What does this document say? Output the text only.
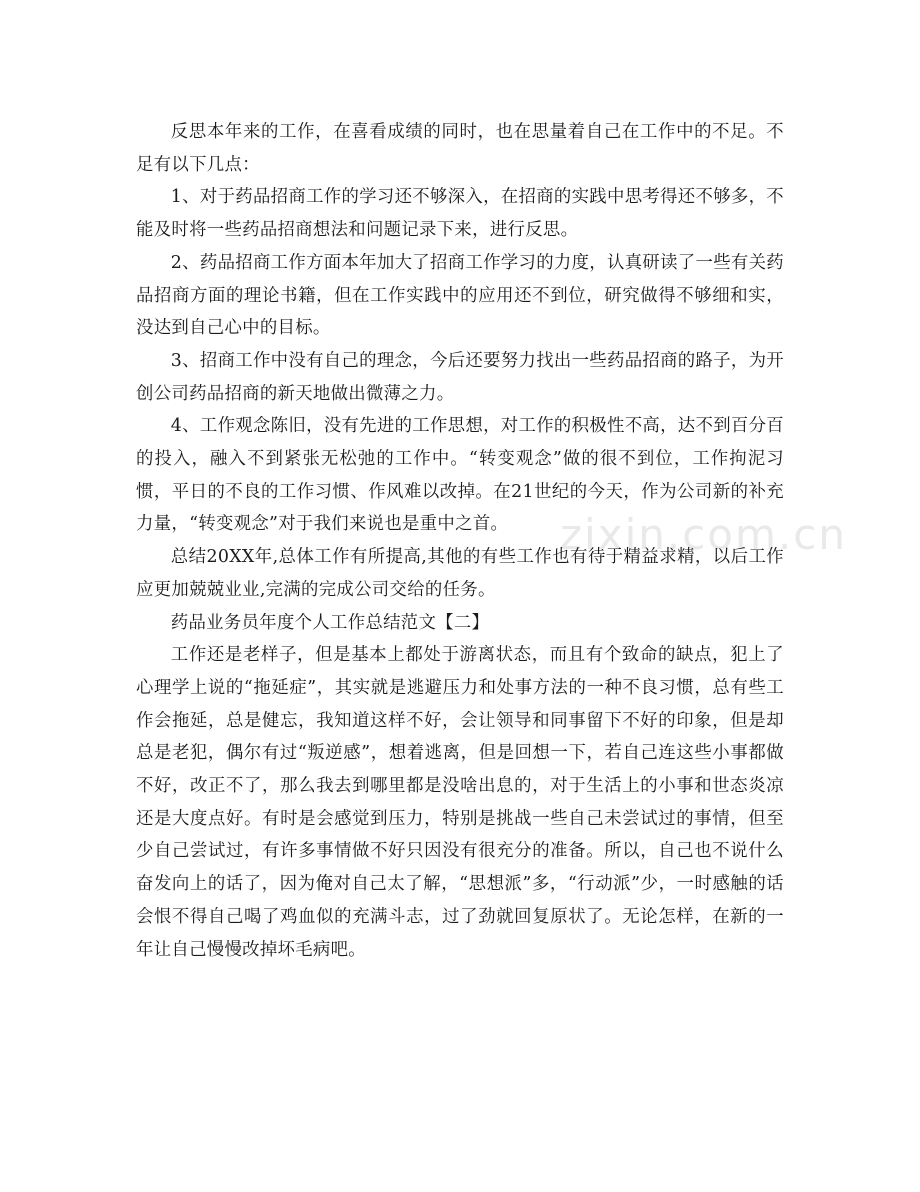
zixin.com.cn

反思本年来的工作，在喜看成绩的同时，也在思量着自己在工作中的不足。不足有以下几点：

1、对于药品招商工作的学习还不够深入，在招商的实践中思考得还不够多，不能及时将一些药品招商想法和问题记录下来，进行反思。

2、药品招商工作方面本年加大了招商工作学习的力度，认真研读了一些有关药品招商方面的理论书籍，但在工作实践中的应用还不到位，研究做得不够细和实，没达到自己心中的目标。

3、招商工作中没有自己的理念，今后还要努力找出一些药品招商的路子，为开创公司药品招商的新天地做出微薄之力。

4、工作观念陈旧，没有先进的工作思想，对工作的积极性不高，达不到百分百的投入，融入不到紧张无松弛的工作中。“转变观念”做的很不到位，工作拘泥习惯，平日的不良的工作习惯、作风难以改掉。在21世纪的今天，作为公司新的补充力量，“转变观念”对于我们来说也是重中之首。

总结20XX年,总体工作有所提高,其他的有些工作也有待于精益求精，以后工作应更加兢兢业业,完满的完成公司交给的任务。

药品业务员年度个人工作总结范文【二】

工作还是老样子，但是基本上都处于游离状态，而且有个致命的缺点，犯上了心理学上说的“拖延症”，其实就是逃避压力和处事方法的一种不良习惯，总有些工作会拖延，总是健忘，我知道这样不好，会让领导和同事留下不好的印象，但是却总是老犯，偶尔有过“叛逆感”，想着逃离，但是回想一下，若自己连这些小事都做不好，改正不了，那么我去到哪里都是没啥出息的，对于生活上的小事和世态炎凉还是大度点好。有时是会感觉到压力，特别是挑战一些自己未尝试过的事情，但至少自己尝试过，有许多事情做不好只因没有很充分的准备。所以，自己也不说什么奋发向上的话了，因为俺对自己太了解，“思想派”多，“行动派”少，一时感触的话会恨不得自己喝了鸡血似的充满斗志，过了劲就回复原状了。无论怎样，在新的一年让自己慢慢改掉坏毛病吧。
